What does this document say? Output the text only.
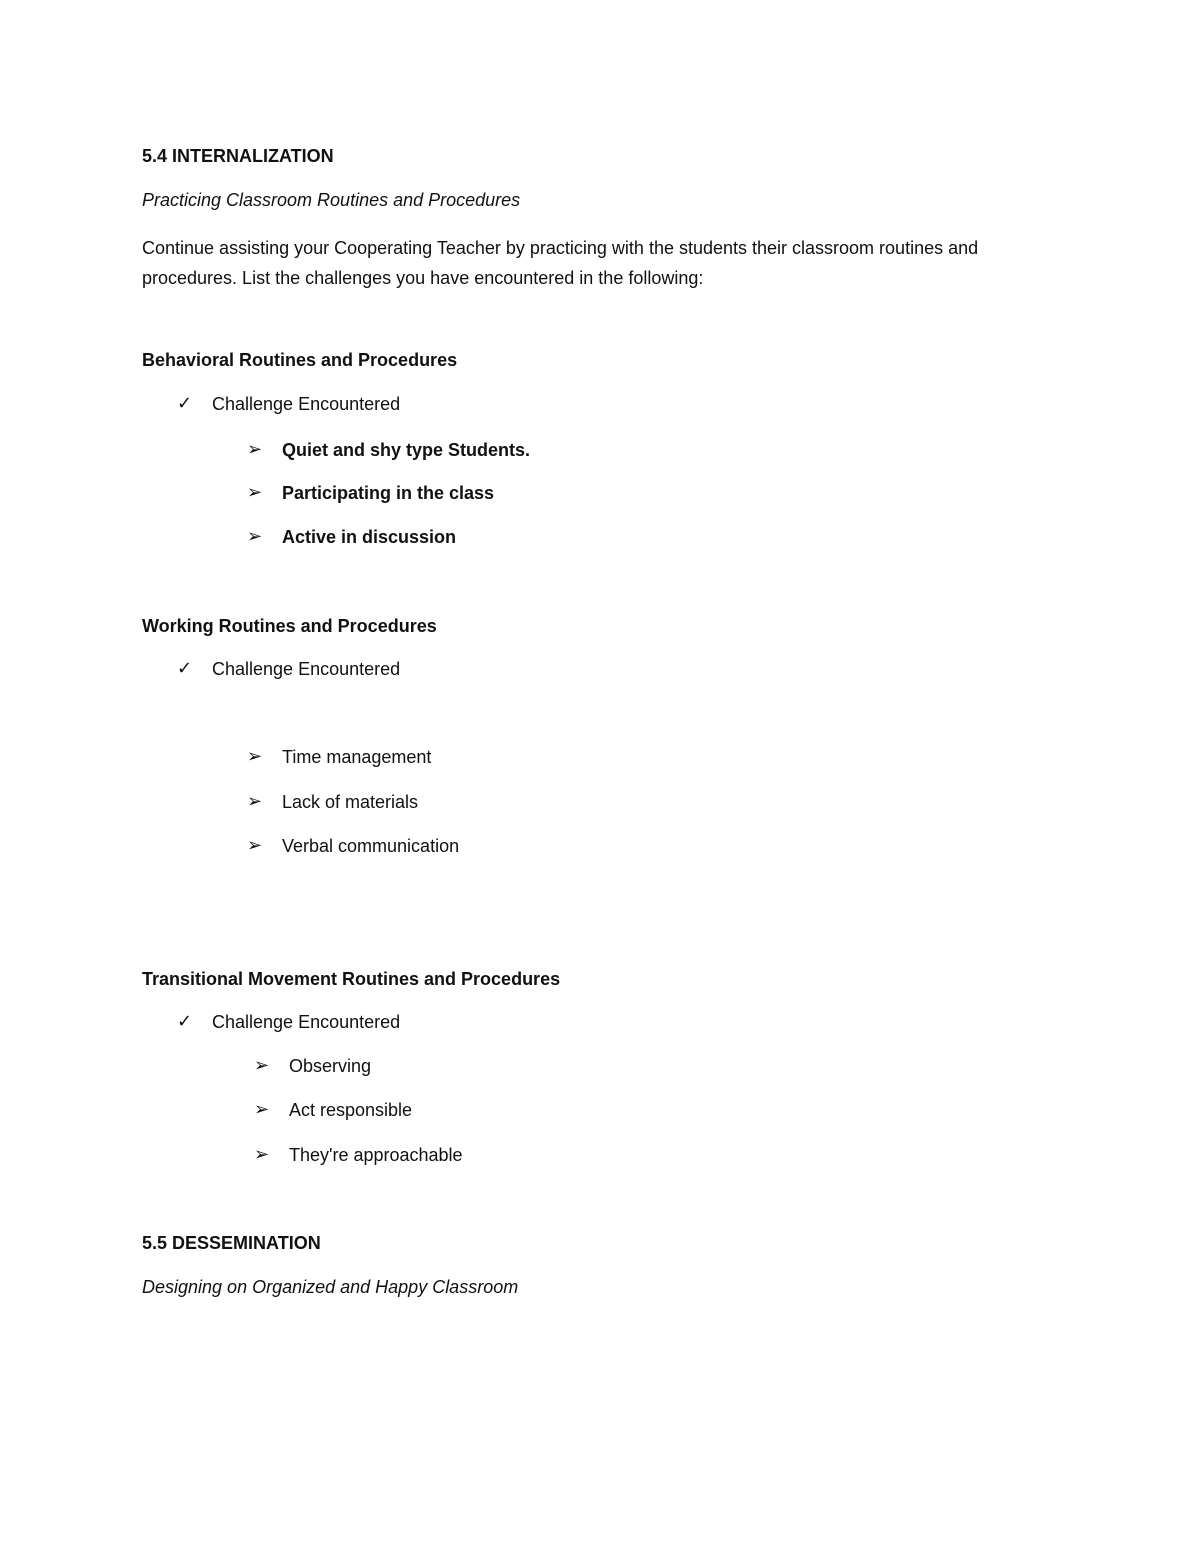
5.4 INTERNALIZATION
Practicing Classroom Routines and Procedures
Continue assisting your Cooperating Teacher by practicing with the students their classroom routines and procedures. List the challenges you have encountered in the following:
Behavioral Routines and Procedures
✓ Challenge Encountered
➢ Quiet and shy type Students.
➢ Participating in the class
➢ Active in discussion
Working Routines and Procedures
✓ Challenge Encountered
➢ Time management
➢ Lack of materials
➢ Verbal communication
Transitional Movement Routines and Procedures
✓ Challenge Encountered
➢ Observing
➢ Act responsible
➢ They're approachable
5.5 DESSEMINATION
Designing on Organized and Happy Classroom
